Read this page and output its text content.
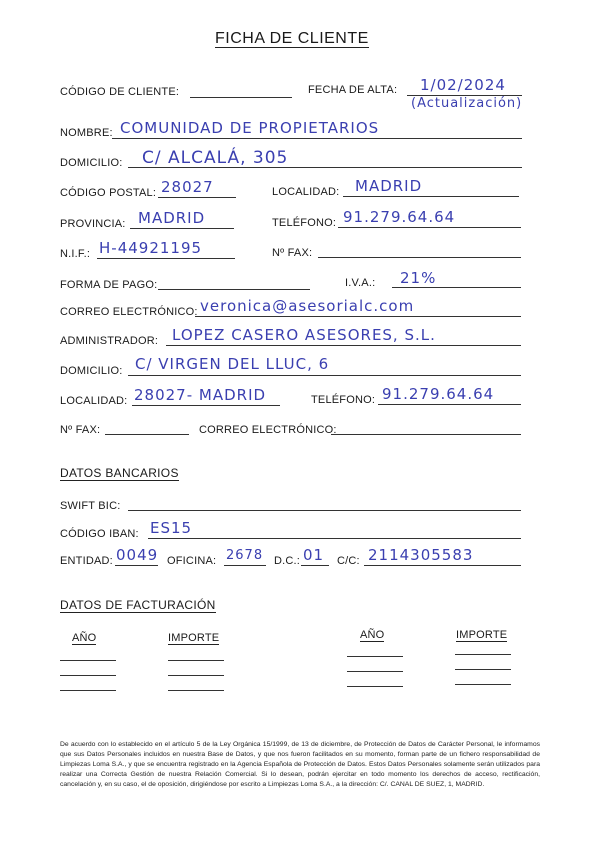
FICHA DE CLIENTE
CÓDIGO DE CLIENTE:	FECHA DE ALTA: 1/02/2024
(Actualización)
NOMBRE: COMUNIDAD DE PROPIETARIOS
DOMICILIO: C/ ALCALÁ, 305
CÓDIGO POSTAL: 28027	LOCALIDAD: MADRID
PROVINCIA: MADRID	TELÉFONO: 91.279.64.64
N.I.F.: H-44921195	Nº FAX:
FORMA DE PAGO:	I.V.A.: 21%
CORREO ELECTRÓNICO: veronica@asesorialc.com
ADMINISTRADOR: LOPEZ CASERO ASESORES, S.L.
DOMICILIO: C/ VIRGEN DEL LLUC, 6
LOCALIDAD: 28027- MADRID	TELÉFONO: 91.279.64.64
Nº FAX:	CORREO ELECTRÓNICO:
DATOS BANCARIOS
SWIFT BIC:
CÓDIGO IBAN: ES15
ENTIDAD: 0049 OFICINA: 2678 D.C.: 01 C/C: 2114305583
DATOS DE FACTURACIÓN
AÑO	IMPORTE	AÑO	IMPORTE
De acuerdo con lo establecido en el artículo 5 de la Ley Orgánica 15/1999, de 13 de diciembre, de Protección de Datos de Carácter Personal, le informamos que sus Datos Personales incluidos en nuestra Base de Datos, y que nos fueron facilitados en su momento, forman parte de un fichero responsabilidad de Limpiezas Loma S.A., y que se encuentra registrado en la Agencia Española de Protección de Datos. Estos Datos Personales solamente serán utilizados para realizar una Correcta Gestión de nuestra Relación Comercial. Si lo desean, podrán ejercitar en todo momento los derechos de acceso, rectificación, cancelación y, en su caso, el de oposición, dirigiéndose por escrito a Limpiezas Loma S.A., a la dirección: C/. CANAL DE SUEZ, 1, MADRID.
